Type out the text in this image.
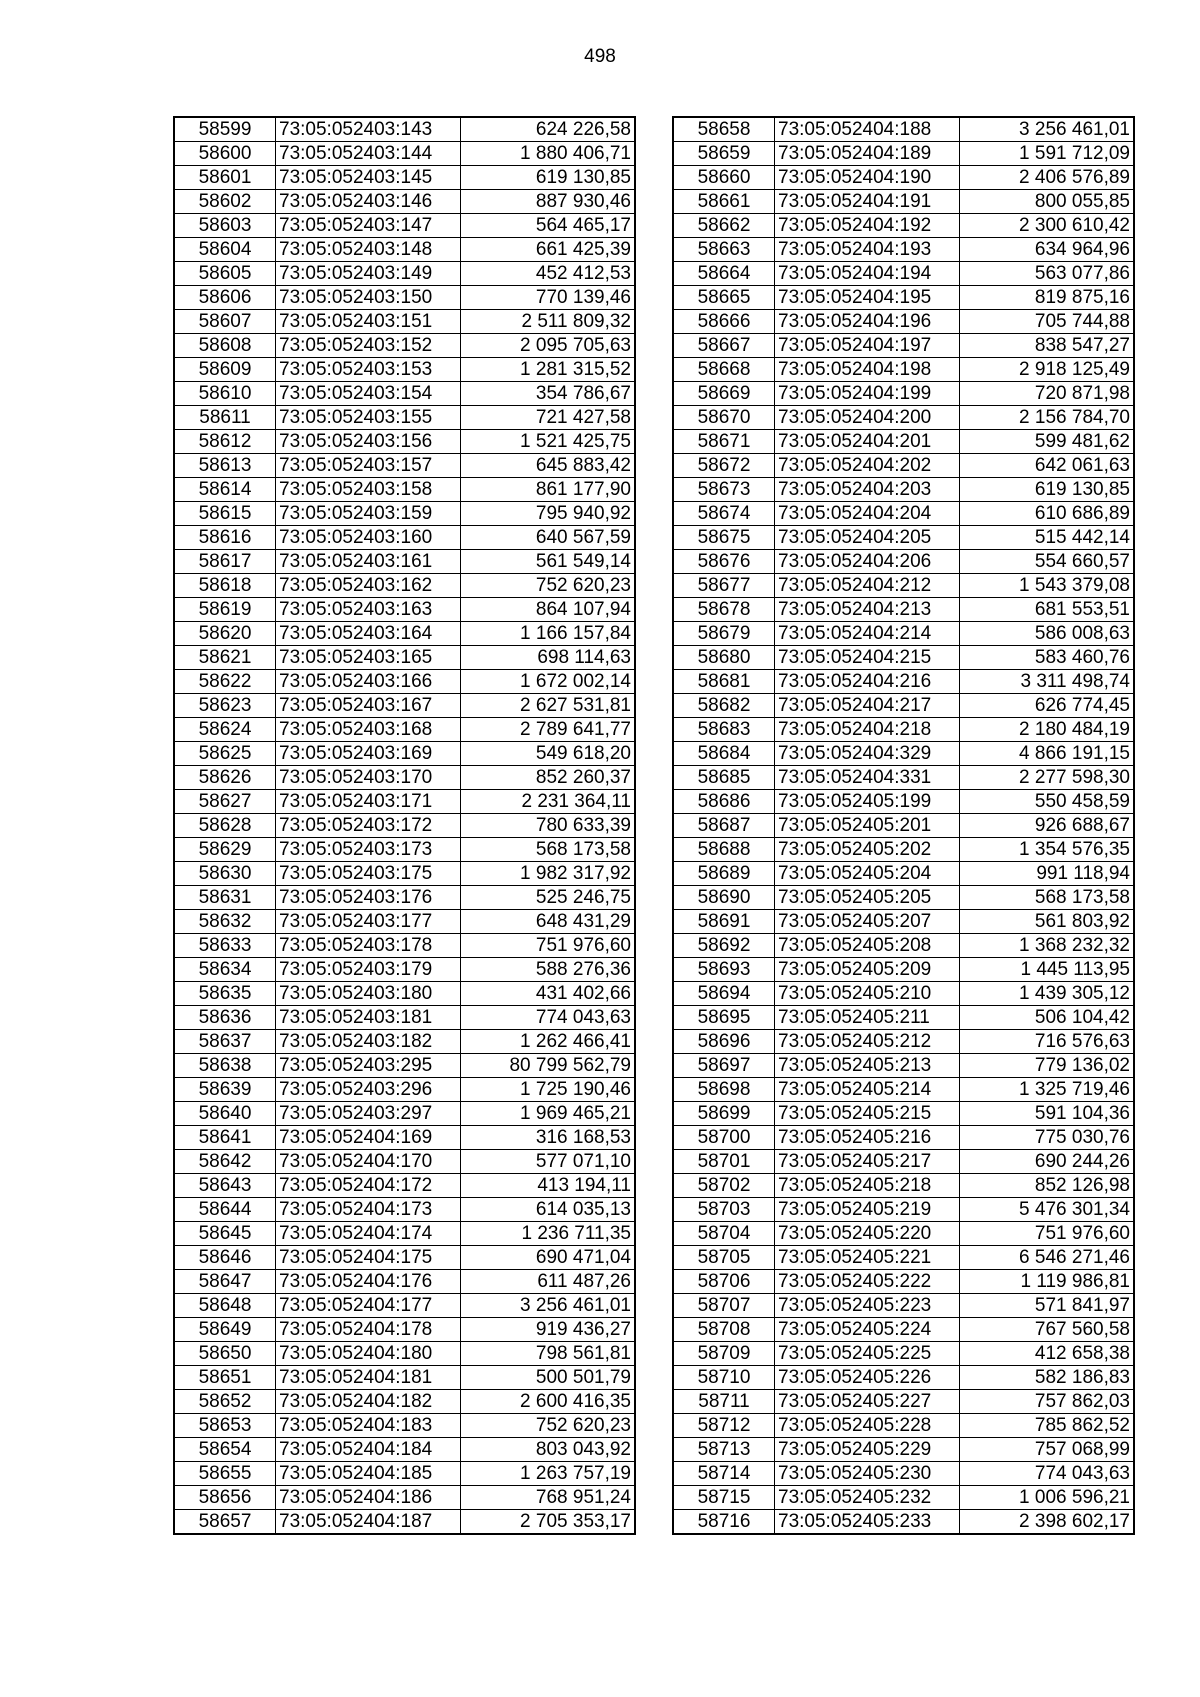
498
58599	73:05:052403:143	624 226,58
58600	73:05:052403:144	1 880 406,71
58601	73:05:052403:145	619 130,85
58602	73:05:052403:146	887 930,46
58603	73:05:052403:147	564 465,17
58604	73:05:052403:148	661 425,39
58605	73:05:052403:149	452 412,53
58606	73:05:052403:150	770 139,46
58607	73:05:052403:151	2 511 809,32
58608	73:05:052403:152	2 095 705,63
58609	73:05:052403:153	1 281 315,52
58610	73:05:052403:154	354 786,67
58611	73:05:052403:155	721 427,58
58612	73:05:052403:156	1 521 425,75
58613	73:05:052403:157	645 883,42
58614	73:05:052403:158	861 177,90
58615	73:05:052403:159	795 940,92
58616	73:05:052403:160	640 567,59
58617	73:05:052403:161	561 549,14
58618	73:05:052403:162	752 620,23
58619	73:05:052403:163	864 107,94
58620	73:05:052403:164	1 166 157,84
58621	73:05:052403:165	698 114,63
58622	73:05:052403:166	1 672 002,14
58623	73:05:052403:167	2 627 531,81
58624	73:05:052403:168	2 789 641,77
58625	73:05:052403:169	549 618,20
58626	73:05:052403:170	852 260,37
58627	73:05:052403:171	2 231 364,11
58628	73:05:052403:172	780 633,39
58629	73:05:052403:173	568 173,58
58630	73:05:052403:175	1 982 317,92
58631	73:05:052403:176	525 246,75
58632	73:05:052403:177	648 431,29
58633	73:05:052403:178	751 976,60
58634	73:05:052403:179	588 276,36
58635	73:05:052403:180	431 402,66
58636	73:05:052403:181	774 043,63
58637	73:05:052403:182	1 262 466,41
58638	73:05:052403:295	80 799 562,79
58639	73:05:052403:296	1 725 190,46
58640	73:05:052403:297	1 969 465,21
58641	73:05:052404:169	316 168,53
58642	73:05:052404:170	577 071,10
58643	73:05:052404:172	413 194,11
58644	73:05:052404:173	614 035,13
58645	73:05:052404:174	1 236 711,35
58646	73:05:052404:175	690 471,04
58647	73:05:052404:176	611 487,26
58648	73:05:052404:177	3 256 461,01
58649	73:05:052404:178	919 436,27
58650	73:05:052404:180	798 561,81
58651	73:05:052404:181	500 501,79
58652	73:05:052404:182	2 600 416,35
58653	73:05:052404:183	752 620,23
58654	73:05:052404:184	803 043,92
58655	73:05:052404:185	1 263 757,19
58656	73:05:052404:186	768 951,24
58657	73:05:052404:187	2 705 353,17
58658	73:05:052404:188	3 256 461,01
58659	73:05:052404:189	1 591 712,09
58660	73:05:052404:190	2 406 576,89
58661	73:05:052404:191	800 055,85
58662	73:05:052404:192	2 300 610,42
58663	73:05:052404:193	634 964,96
58664	73:05:052404:194	563 077,86
58665	73:05:052404:195	819 875,16
58666	73:05:052404:196	705 744,88
58667	73:05:052404:197	838 547,27
58668	73:05:052404:198	2 918 125,49
58669	73:05:052404:199	720 871,98
58670	73:05:052404:200	2 156 784,70
58671	73:05:052404:201	599 481,62
58672	73:05:052404:202	642 061,63
58673	73:05:052404:203	619 130,85
58674	73:05:052404:204	610 686,89
58675	73:05:052404:205	515 442,14
58676	73:05:052404:206	554 660,57
58677	73:05:052404:212	1 543 379,08
58678	73:05:052404:213	681 553,51
58679	73:05:052404:214	586 008,63
58680	73:05:052404:215	583 460,76
58681	73:05:052404:216	3 311 498,74
58682	73:05:052404:217	626 774,45
58683	73:05:052404:218	2 180 484,19
58684	73:05:052404:329	4 866 191,15
58685	73:05:052404:331	2 277 598,30
58686	73:05:052405:199	550 458,59
58687	73:05:052405:201	926 688,67
58688	73:05:052405:202	1 354 576,35
58689	73:05:052405:204	991 118,94
58690	73:05:052405:205	568 173,58
58691	73:05:052405:207	561 803,92
58692	73:05:052405:208	1 368 232,32
58693	73:05:052405:209	1 445 113,95
58694	73:05:052405:210	1 439 305,12
58695	73:05:052405:211	506 104,42
58696	73:05:052405:212	716 576,63
58697	73:05:052405:213	779 136,02
58698	73:05:052405:214	1 325 719,46
58699	73:05:052405:215	591 104,36
58700	73:05:052405:216	775 030,76
58701	73:05:052405:217	690 244,26
58702	73:05:052405:218	852 126,98
58703	73:05:052405:219	5 476 301,34
58704	73:05:052405:220	751 976,60
58705	73:05:052405:221	6 546 271,46
58706	73:05:052405:222	1 119 986,81
58707	73:05:052405:223	571 841,97
58708	73:05:052405:224	767 560,58
58709	73:05:052405:225	412 658,38
58710	73:05:052405:226	582 186,83
58711	73:05:052405:227	757 862,03
58712	73:05:052405:228	785 862,52
58713	73:05:052405:229	757 068,99
58714	73:05:052405:230	774 043,63
58715	73:05:052405:232	1 006 596,21
58716	73:05:052405:233	2 398 602,17
